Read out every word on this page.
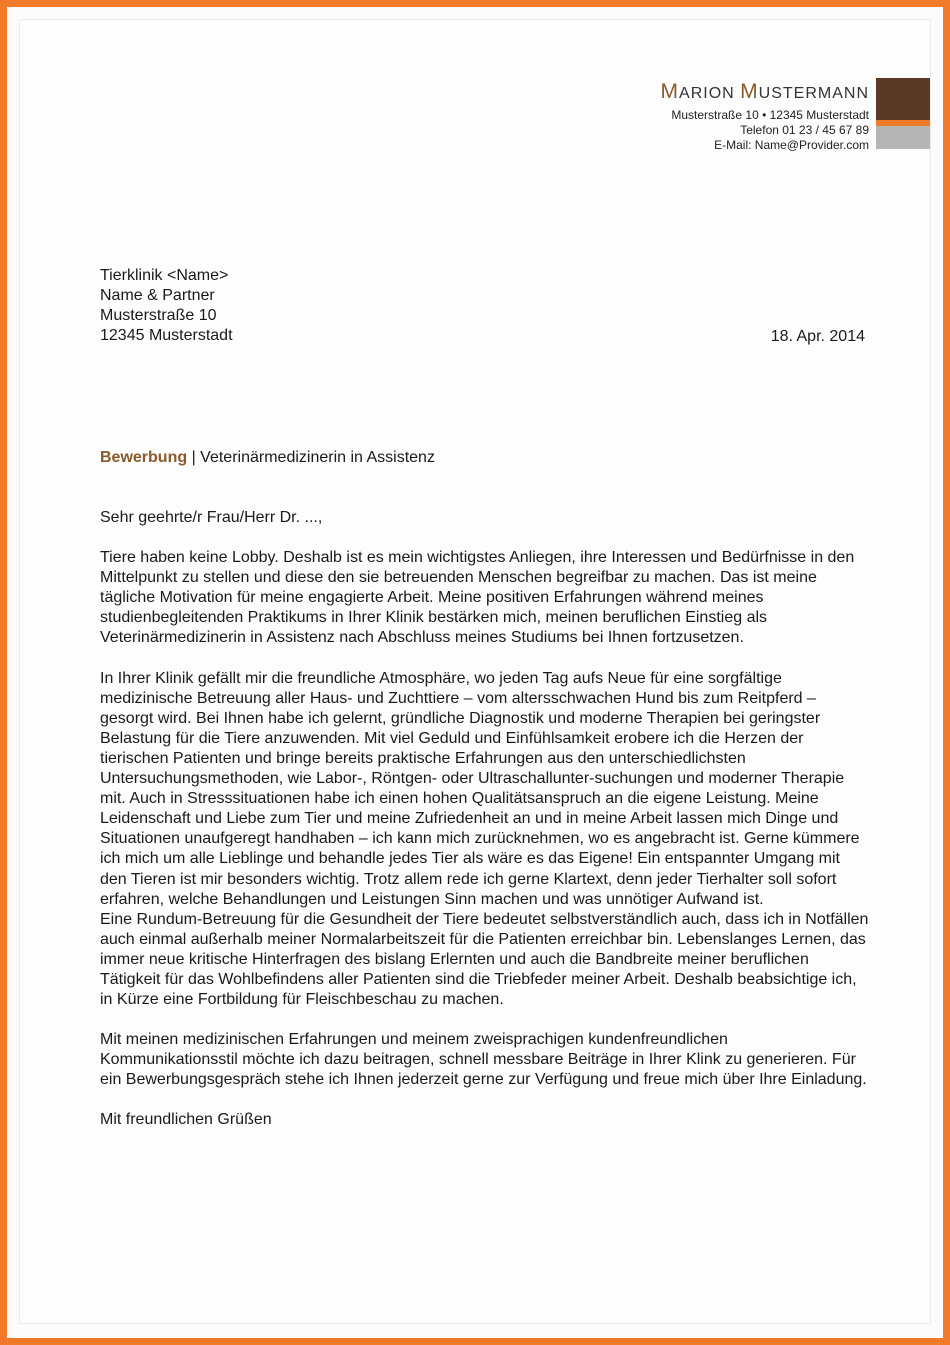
MARION MUSTERMANN
Musterstraße 10 • 12345 Musterstadt
Telefon 01 23 / 45 67 89
E-Mail: Name@Provider.com
Tierklinik <Name>
Name & Partner
Musterstraße 10
12345 Musterstadt	18. Apr. 2014
Bewerbung | Veterinärmedizinerin in Assistenz

Sehr geehrte/r Frau/Herr Dr. ...,

Tiere haben keine Lobby. Deshalb ist es mein wichtigstes Anliegen, ihre Interessen und Bedürfnisse in den Mittelpunkt zu stellen und diese den sie betreuenden Menschen begreifbar zu machen. Das ist meine tägliche Motivation für meine engagierte Arbeit. Meine positiven Erfahrungen während meines studienbegleitenden Praktikums in Ihrer Klinik bestärken mich, meinen beruflichen Einstieg als Veterinärmedizinerin in Assistenz nach Abschluss meines Studiums bei Ihnen fortzusetzen.

In Ihrer Klinik gefällt mir die freundliche Atmosphäre, wo jeden Tag aufs Neue für eine sorgfältige medizinische Betreuung aller Haus- und Zuchttiere – vom altersschwachen Hund bis zum Reitpferd – gesorgt wird. Bei Ihnen habe ich gelernt, gründliche Diagnostik und moderne Therapien bei geringster Belastung für die Tiere anzuwenden. Mit viel Geduld und Einfühlsamkeit erobere ich die Herzen der tierischen Patienten und bringe bereits praktische Erfahrungen aus den unterschiedlichsten Untersuchungsmethoden, wie Labor-, Röntgen- oder Ultraschallunter-suchungen und moderner Therapie mit. Auch in Stresssituationen habe ich einen hohen Qualitätsanspruch an die eigene Leistung. Meine Leidenschaft und Liebe zum Tier und meine Zufriedenheit an und in meine Arbeit lassen mich Dinge und Situationen unaufgeregt handhaben – ich kann mich zurücknehmen, wo es angebracht ist. Gerne kümmere ich mich um alle Lieblinge und behandle jedes Tier als wäre es das Eigene! Ein entspannter Umgang mit den Tieren ist mir besonders wichtig. Trotz allem rede ich gerne Klartext, denn jeder Tierhalter soll sofort erfahren, welche Behandlungen und Leistungen Sinn machen und was unnötiger Aufwand ist.

Eine Rundum-Betreuung für die Gesundheit der Tiere bedeutet selbstverständlich auch, dass ich in Notfällen auch einmal außerhalb meiner Normalarbeitszeit für die Patienten erreichbar bin. Lebenslanges Lernen, das immer neue kritische Hinterfragen des bislang Erlernten und auch die Bandbreite meiner beruflichen Tätigkeit für das Wohlbefindens aller Patienten sind die Triebfeder meiner Arbeit. Deshalb beabsichtige ich, in Kürze eine Fortbildung für Fleischbeschau zu machen.

Mit meinen medizinischen Erfahrungen und meinem zweisprachigen kundenfreundlichen Kommunikationsstil möchte ich dazu beitragen, schnell messbare Beiträge in Ihrer Klink zu generieren. Für ein Bewerbungsgespräch stehe ich Ihnen jederzeit gerne zur Verfügung und freue mich über Ihre Einladung.

Mit freundlichen Grüßen
